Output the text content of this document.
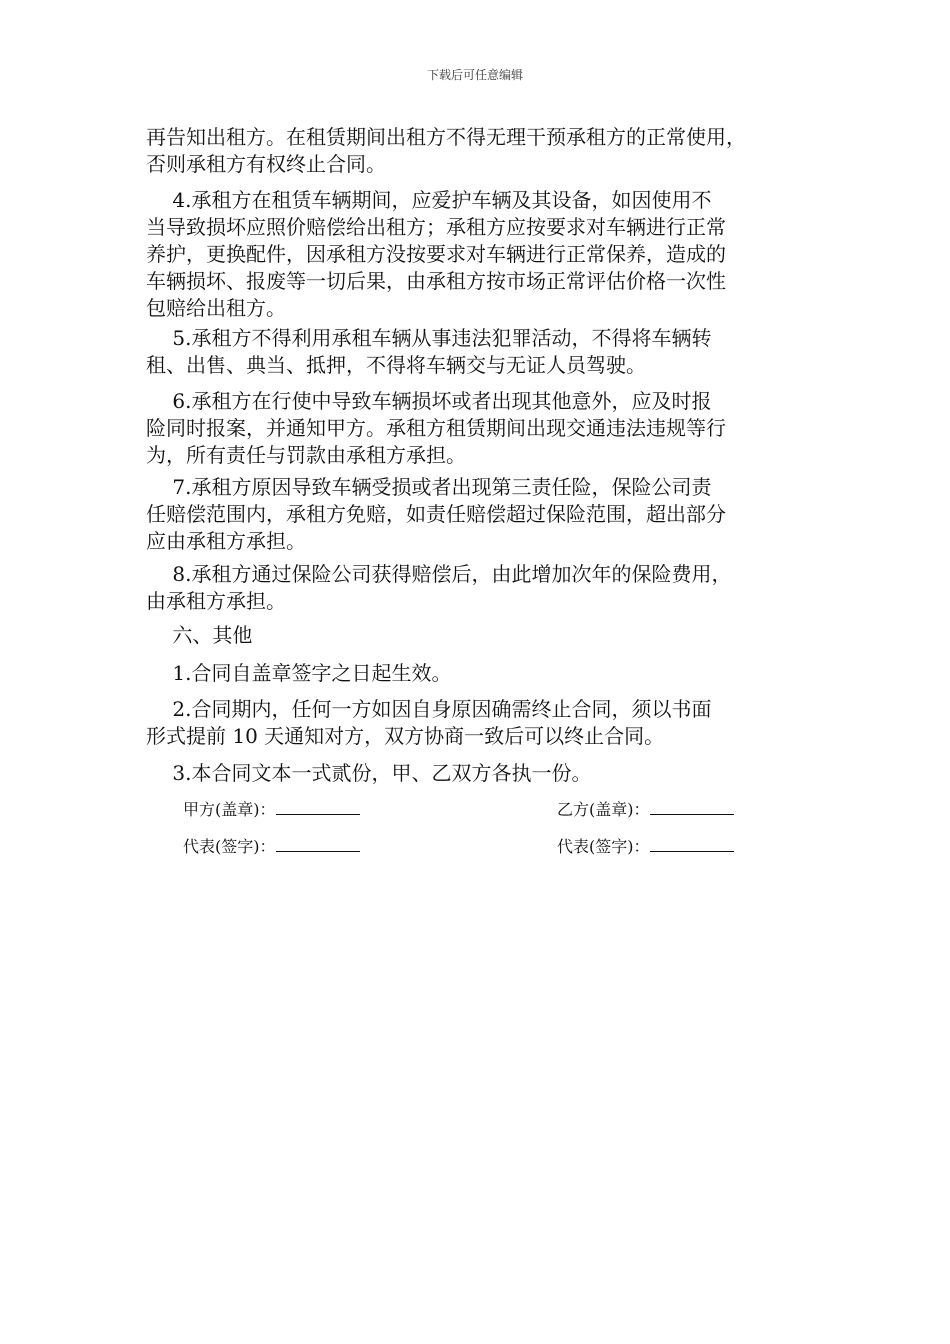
下载后可任意编辑
再告知出租方。在租赁期间出租方不得无理干预承租方的正常使用，
否则承租方有权终止合同。
　 4.承租方在租赁车辆期间，应爱护车辆及其设备，如因使用不
当导致损坏应照价赔偿给出租方；承租方应按要求对车辆进行正常
养护，更换配件，因承租方没按要求对车辆进行正常保养，造成的
车辆损坏、报废等一切后果，由承租方按市场正常评估价格一次性
包赔给出租方。
　 5.承租方不得利用承租车辆从事违法犯罪活动，不得将车辆转
租、出售、典当、抵押，不得将车辆交与无证人员驾驶。
　 6.承租方在行使中导致车辆损坏或者出现其他意外，应及时报
险同时报案，并通知甲方。承租方租赁期间出现交通违法违规等行
为，所有责任与罚款由承租方承担。
　 7.承租方原因导致车辆受损或者出现第三责任险，保险公司责
任赔偿范围内，承租方免赔，如责任赔偿超过保险范围，超出部分
应由承租方承担。
　 8.承租方通过保险公司获得赔偿后，由此增加次年的保险费用，
由承租方承担。
　 六、其他
　 1.合同自盖章签字之日起生效。
　 2.合同期内，任何一方如因自身原因确需终止合同，须以书面
形式提前 10 天通知对方，双方协商一致后可以终止合同。
　 3.本合同文本一式贰份，甲、乙双方各执一份。
甲方(盖章)：	乙方(盖章)：
代表(签字)：	代表(签字)：
